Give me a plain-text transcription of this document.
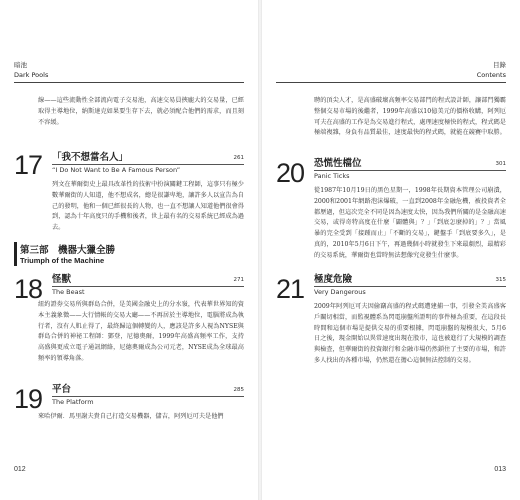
暗池
Dark Pools
線——這些流動性全部流向電子交易池，高速交易員挾龐大的交易量，已經取得主導地位，納斯達克如果要生存下去，就必須配合他們的需求，而且刻不容緩。
17 「我不想當名人」	261
“I Do Not Want to Be A Famous Person”
列文在華爾街史上最具改革性的技術中扮演關鍵工程師，這事只有極少數華爾街的人知道，他不想成名，總是很謙卑地，讓許多人以宣告為自己的發明，他和一個已經很長的人物，也一直不想讓人知道他們很會得到，認為十年高度只的手機和後者，世上最有名的交易系統已經成為過去。
第三部　機器大獵全勝
Triumph of the Machine
18 怪獸	271
The Beast
紐約證券交易所與群島合併，是美國金融史上的分水嶺，代表華世界知的資本主義象徵——大行情帳的交易大廳——不再居於主導地位，電腦將成為執行者，沒有人肌止得了，最終歸這個轉變的人，應該是許多人視為NYSE與群島合併的神祕工程師：鄧登，尼德奧爾，1999年高盛高頻率工作，支持高盛與更成立電子通訊網絡，尼德奧爾成為公司元老，NYSE成為全球最高頻率的領導角落。
19 平台	285
The Platform
來哈伊爾．馬里謝夫貴自己打造交易機器，儲吉，阿列厄可夫是他們
012
目錄
Contents
聘的頂尖人才，是高盛破壞高頻率交易部門的程式設計師，讓部門獨霸整個交易市場的後繼者，1999年高盛以10億美元的價格收購，阿列厄可夫在高盛的工作是為交易進行程式，處理速度極快的程式，程式碼是極端複雜，身負有品質最佳，速度最快的程式碼，就能在競賽中取勝。
20 恐慌性檔位	301
Panic Ticks
從1987年10月19日的黑色星期一，1998年長期資本管理公司崩潰，2000和2001年網路泡沫爆破，一直到2008年金融危機，被投資者全都歷過，但這次完全不同是因為速度太快，因為我們所關的是金融高速交易，或得奇特高度在什麼「闢體與」？」「到底怎麼掉的」？」當風暴的完全受到「接踵而止」「不斷的交易」，鍵盤手「到底要多久」，是真的，2010年5月6日下午，再過幾個小時就發生下來最劇烈，最精彩的交易系統，華爾街也當時無法想像究竟發生什麼事。
21 極度危險	315
Very Dangerous
2009年阿列厄可夫因偷竊高盛的程式碼遭建捕一事，引發全美高盛客戶關切相當，而監視體系為閃電崩盤所證明的事件極為重要，在這段長時間和這個市場是提供交易的重要根據，閃電崩盤的規模很大，5月6日之後，現金開始以異常速度出現在股市，這也被進行了大規模的調查與檢查，但華爾街的投資銀行和金融市場仍然鎖住了主要的市場，和許多人找出的各種市場，仍然還在擔心這個無法控制的交易。
013
